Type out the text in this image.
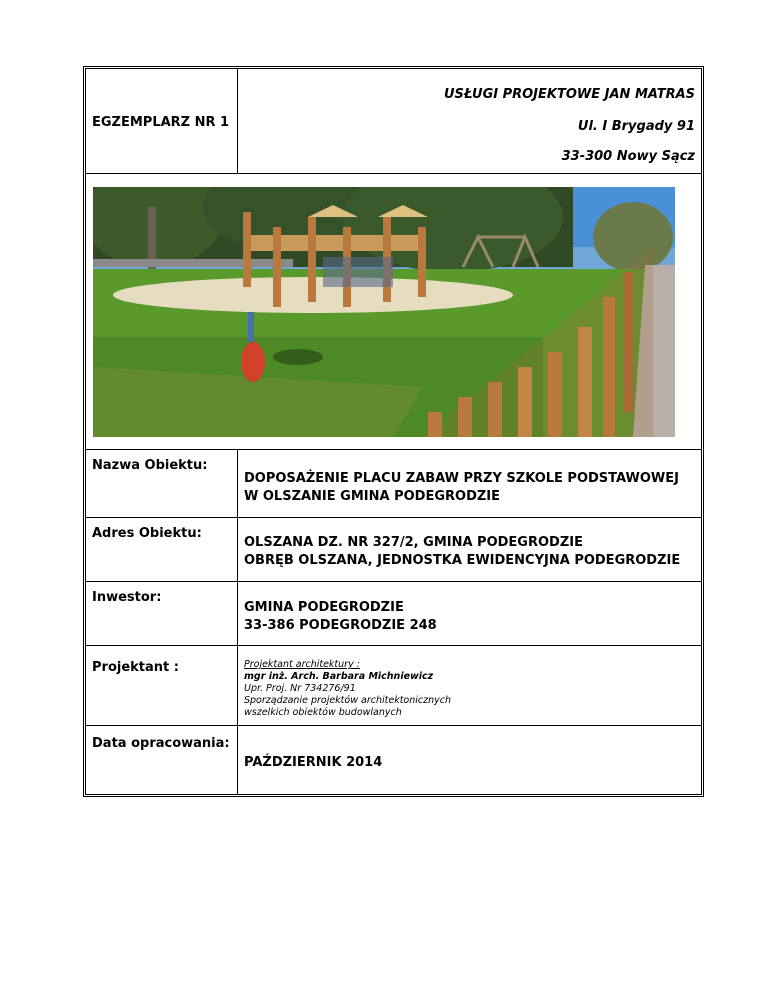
EGZEMPLARZ NR 1
USŁUGI PROJEKTOWE JAN MATRAS
Ul. I Brygady 91
33-300 Nowy Sącz
Nazwa Obiektu:
DOPOSAŻENIE PLACU ZABAW PRZY SZKOLE PODSTAWOWEJ
W OLSZANIE GMINA PODEGRODZIE
Adres Obiektu:
OLSZANA DZ. NR 327/2, GMINA PODEGRODZIE
OBRĘB OLSZANA, JEDNOSTKA EWIDENCYJNA PODEGRODZIE
Inwestor:
GMINA PODEGRODZIE
33-386 PODEGRODZIE 248
Projektant :	Projektant architektury :
mgr inż. Arch. Barbara Michniewicz
Upr. Proj. Nr 734276/91
Sporządzanie projektów architektonicznych
wszelkich obiektów budowlanych
Data opracowania:
PAŹDZIERNIK 2014
